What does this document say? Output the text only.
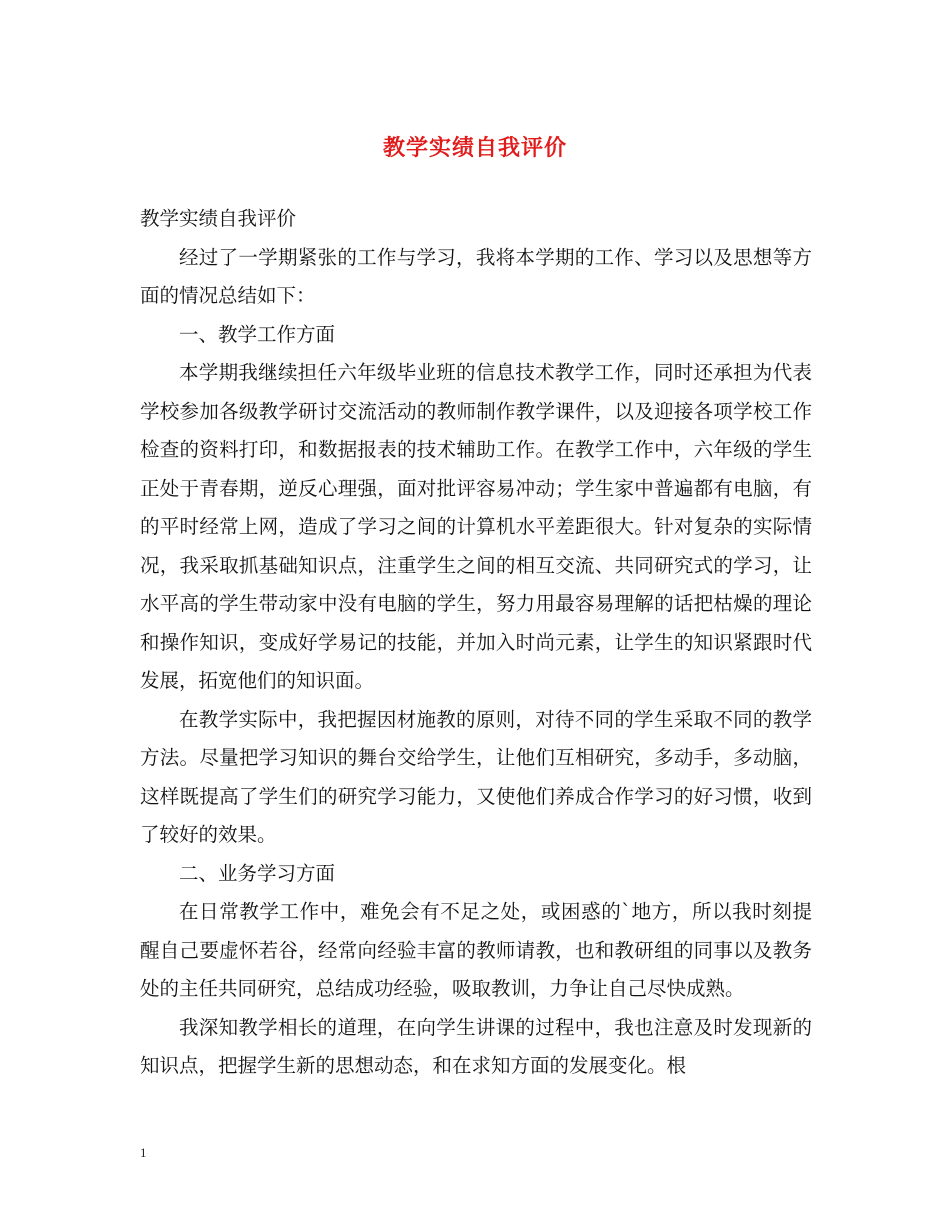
教学实绩自我评价

教学实绩自我评价

经过了一学期紧张的工作与学习，我将本学期的工作、学习以及思想等方面的情况总结如下：

一、教学工作方面

本学期我继续担任六年级毕业班的信息技术教学工作，同时还承担为代表学校参加各级教学研讨交流活动的教师制作教学课件，以及迎接各项学校工作检查的资料打印，和数据报表的技术辅助工作。在教学工作中，六年级的学生正处于青春期，逆反心理强，面对批评容易冲动；学生家中普遍都有电脑，有的平时经常上网，造成了学习之间的计算机水平差距很大。针对复杂的实际情况，我采取抓基础知识点，注重学生之间的相互交流、共同研究式的学习，让水平高的学生带动家中没有电脑的学生，努力用最容易理解的话把枯燥的理论和操作知识，变成好学易记的技能，并加入时尚元素，让学生的知识紧跟时代发展，拓宽他们的知识面。

在教学实际中，我把握因材施教的原则，对待不同的学生采取不同的教学方法。尽量把学习知识的舞台交给学生，让他们互相研究，多动手，多动脑，这样既提高了学生们的研究学习能力，又使他们养成合作学习的好习惯，收到了较好的效果。

二、业务学习方面

在日常教学工作中，难免会有不足之处，或困惑的`地方，所以我时刻提醒自己要虚怀若谷，经常向经验丰富的教师请教，也和教研组的同事以及教务处的主任共同研究，总结成功经验，吸取教训，力争让自己尽快成熟。

我深知教学相长的道理，在向学生讲课的过程中，我也注意及时发现新的知识点，把握学生新的思想动态，和在求知方面的发展变化。根

1
